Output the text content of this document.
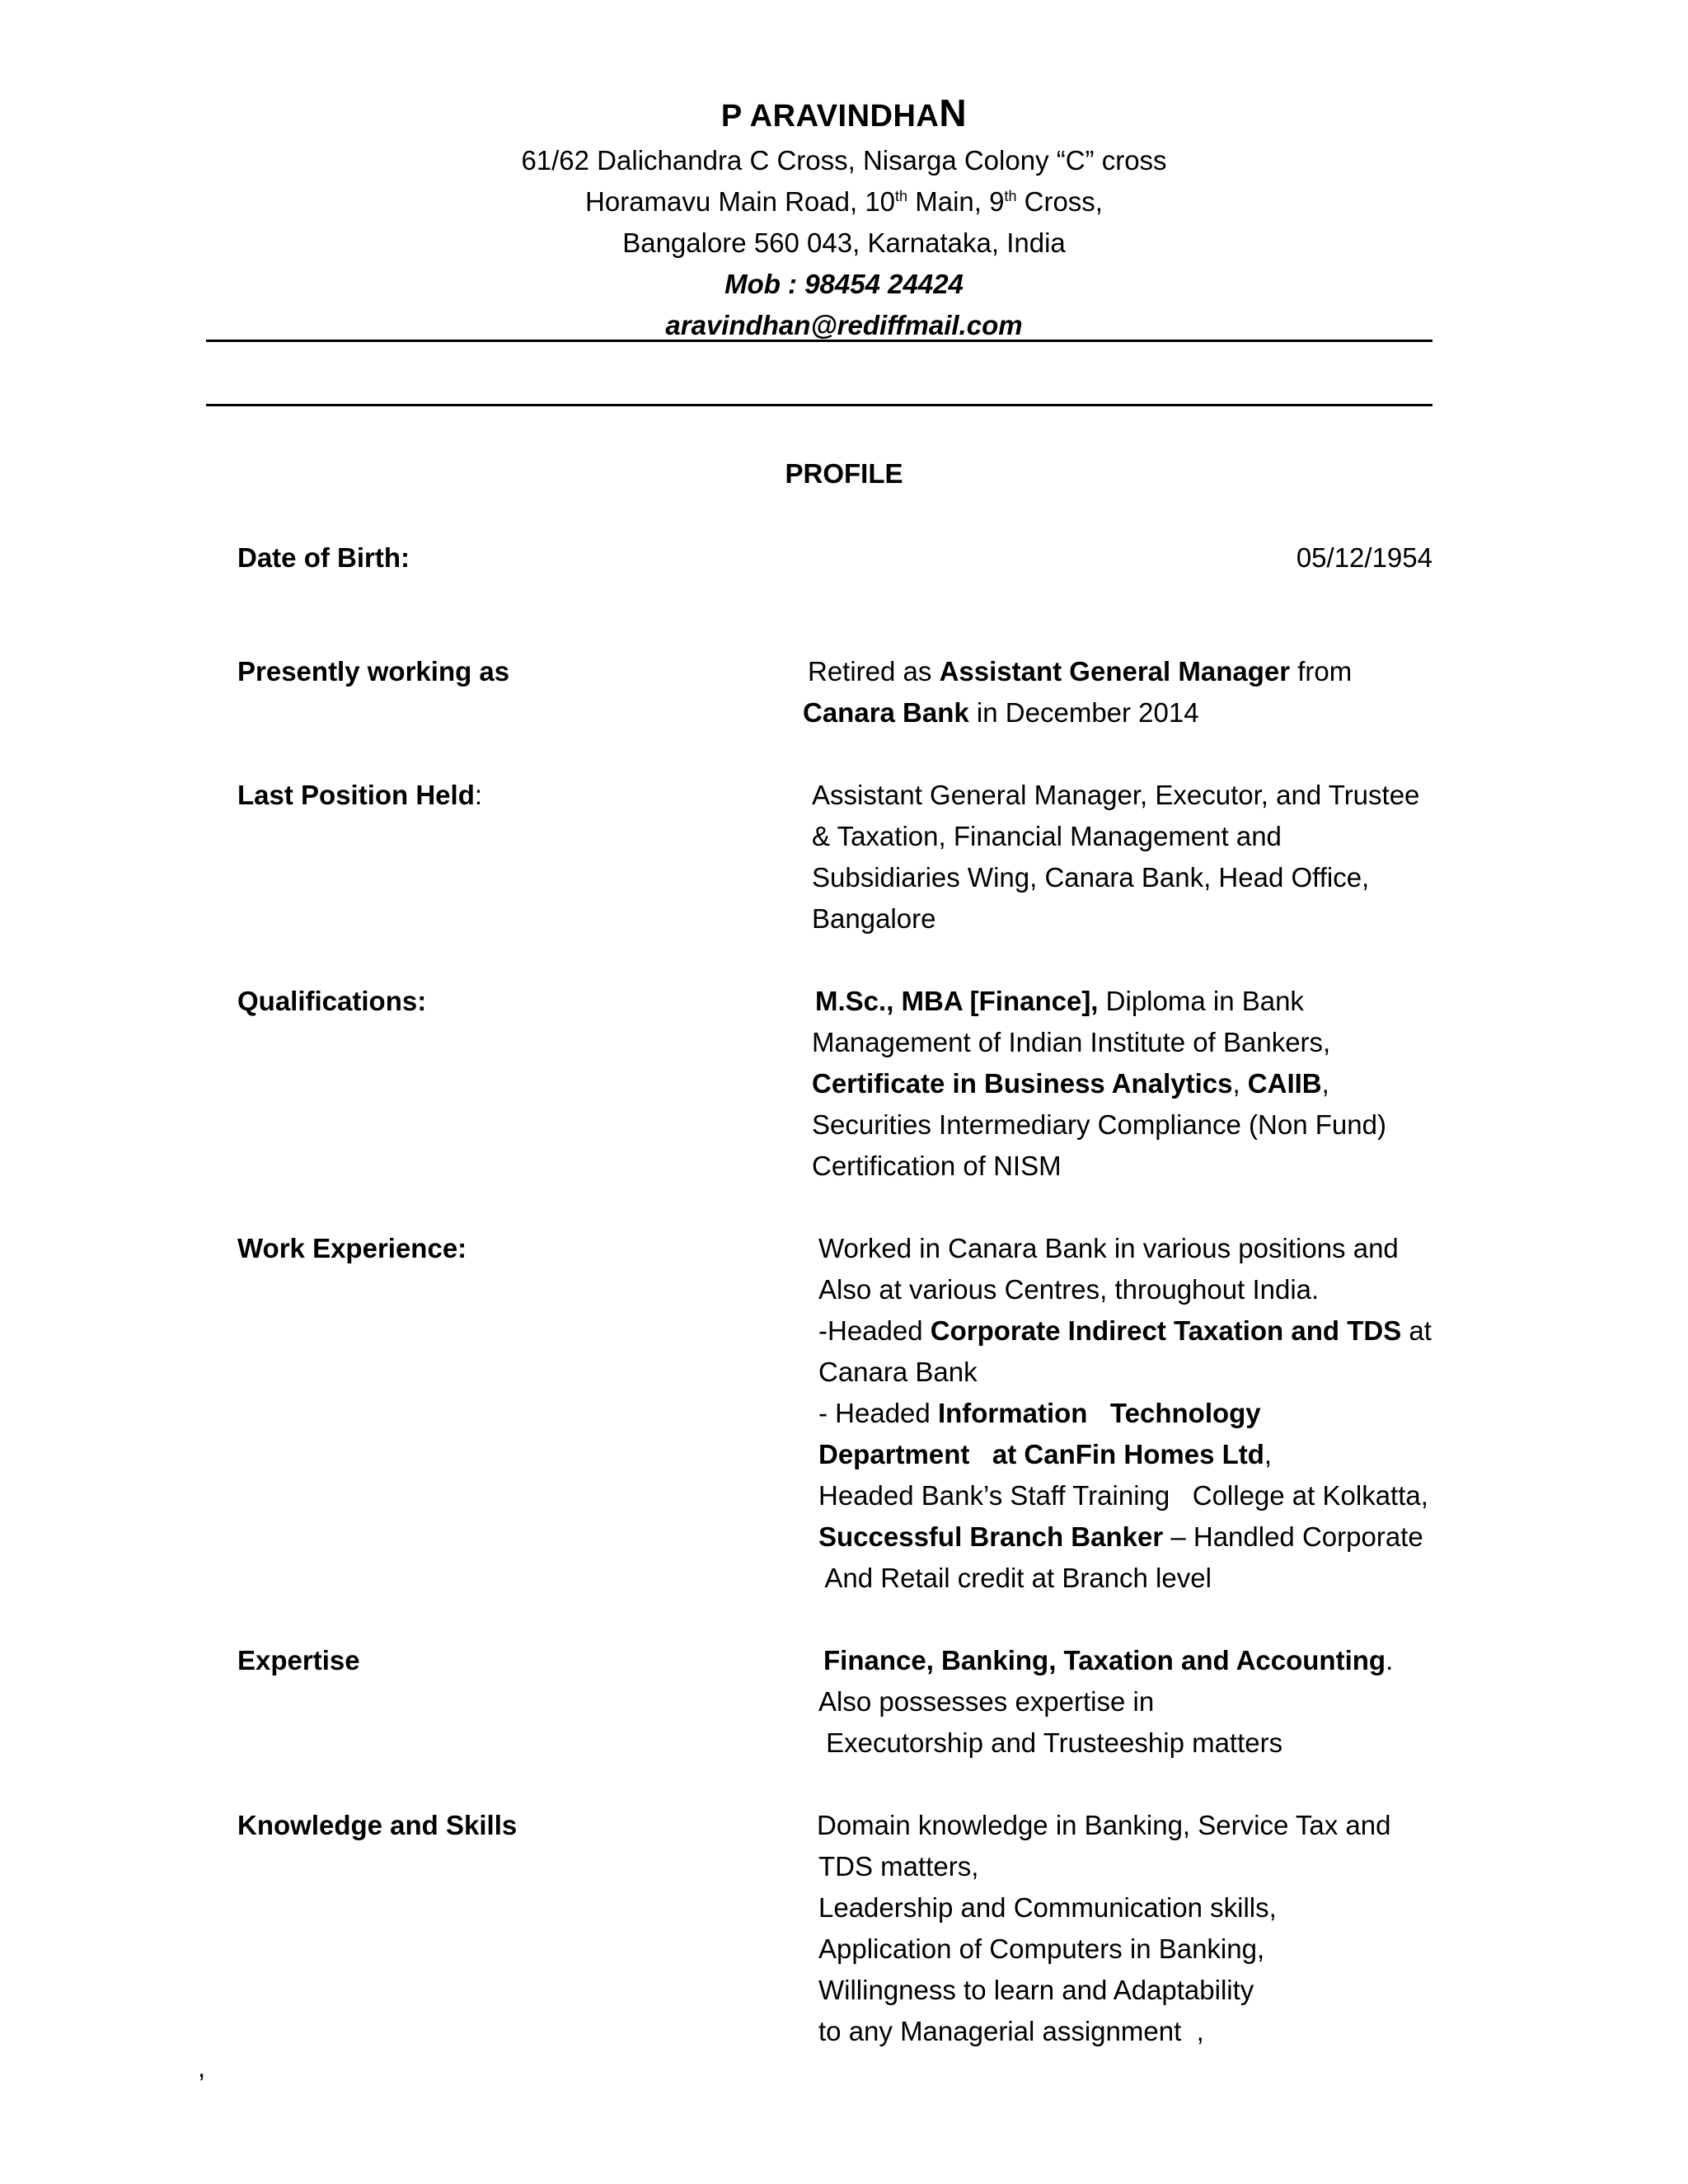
P ARAVINDHAN
61/62 Dalichandra C Cross, Nisarga Colony “C” cross
Horamavu Main Road, 10th Main, 9th Cross,
Bangalore 560 043, Karnataka, India
Mob : 98454 24424
aravindhan@rediffmail.com
PROFILE
Date of Birth:	05/12/1954
Presently working as	Retired as Assistant General Manager from
Canara Bank in December 2014
Last Position Held:	Assistant General Manager, Executor, and Trustee
& Taxation, Financial Management and
Subsidiaries Wing, Canara Bank, Head Office,
Bangalore
Qualifications:	M.Sc., MBA [Finance], Diploma in Bank
Management of Indian Institute of Bankers,
Certificate in Business Analytics, CAIIB,
Securities Intermediary Compliance (Non Fund)
Certification of NISM
Work Experience:	Worked in Canara Bank in various positions and
Also at various Centres, throughout India.
-Headed Corporate Indirect Taxation and TDS at
Canara Bank
- Headed Information   Technology
Department   at CanFin Homes Ltd,
Headed Bank’s Staff Training   College at Kolkatta,
Successful Branch Banker – Handled Corporate
And Retail credit at Branch level
Expertise	Finance, Banking, Taxation and Accounting.
Also possesses expertise in
Executorship and Trusteeship matters
Knowledge and Skills	Domain knowledge in Banking, Service Tax and
TDS matters,
Leadership and Communication skills,
Application of Computers in Banking,
Willingness to learn and Adaptability
to any Managerial assignment  ,
,
